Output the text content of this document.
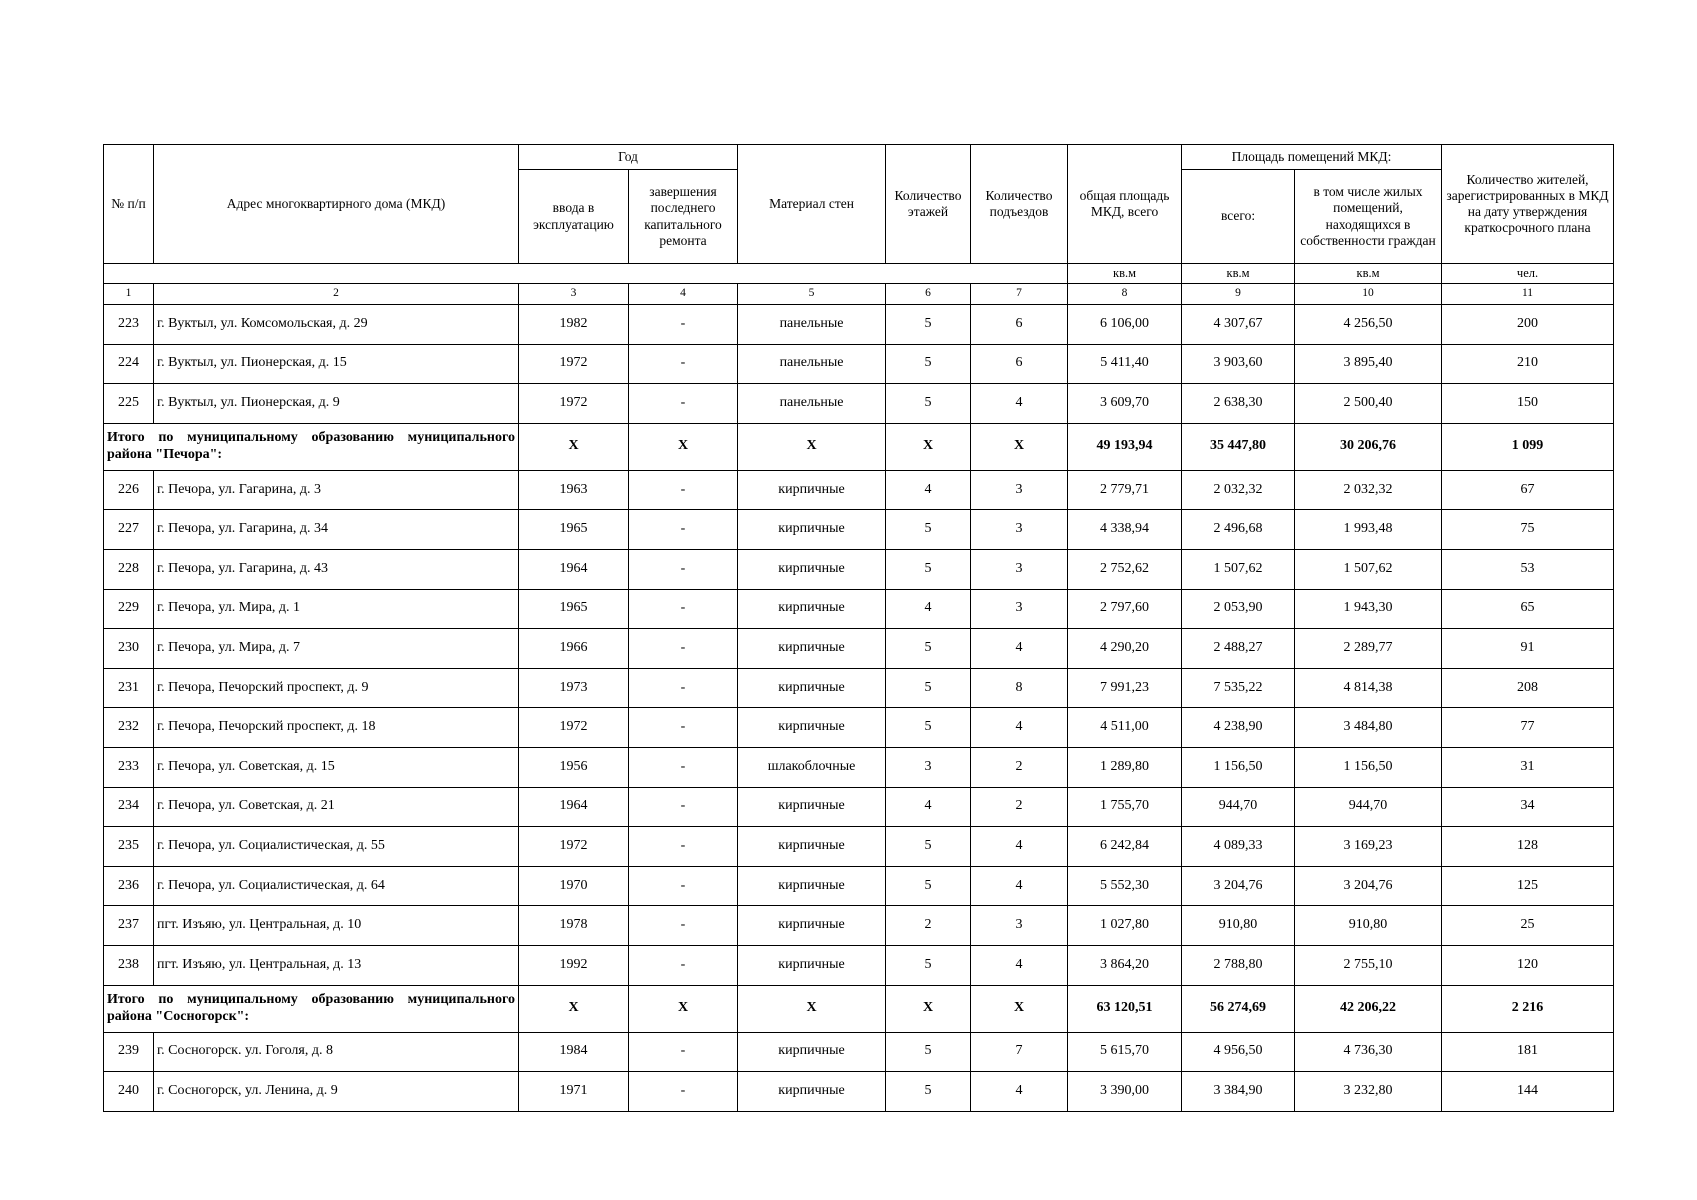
№ п/п	Адрес многоквартирного дома (МКД)	Год		Материал стен	Количество этажей	Количество подъездов	общая площадь МКД, всего	Площадь помещений МКД:		Количество жителей, зарегистрированных в МКД на дату утверждения краткосрочного плана
		ввода в эксплуатацию	завершения последнего капитального ремонта					всего:	в том числе жилых помещений, находящихся в собственности граждан	
							кв.м	кв.м	кв.м	чел.
1	2	3	4	5	6	7	8	9	10	11
223	г. Вуктыл, ул. Комсомольская, д. 29	1982	-	панельные	5	6	6 106,00	4 307,67	4 256,50	200
224	г. Вуктыл, ул. Пионерская, д. 15	1972	-	панельные	5	6	5 411,40	3 903,60	3 895,40	210
225	г. Вуктыл, ул. Пионерская, д. 9	1972	-	панельные	5	4	3 609,70	2 638,30	2 500,40	150
Итого по муниципальному образованию муниципального района "Печора":		X	X	X	X	X	49 193,94	35 447,80	30 206,76	1 099
226	г. Печора, ул. Гагарина, д. 3	1963	-	кирпичные	4	3	2 779,71	2 032,32	2 032,32	67
227	г. Печора, ул. Гагарина, д. 34	1965	-	кирпичные	5	3	4 338,94	2 496,68	1 993,48	75
228	г. Печора, ул. Гагарина, д. 43	1964	-	кирпичные	5	3	2 752,62	1 507,62	1 507,62	53
229	г. Печора, ул. Мира, д. 1	1965	-	кирпичные	4	3	2 797,60	2 053,90	1 943,30	65
230	г. Печора, ул. Мира, д. 7	1966	-	кирпичные	5	4	4 290,20	2 488,27	2 289,77	91
231	г. Печора, Печорский проспект, д. 9	1973	-	кирпичные	5	8	7 991,23	7 535,22	4 814,38	208
232	г. Печора, Печорский проспект, д. 18	1972	-	кирпичные	5	4	4 511,00	4 238,90	3 484,80	77
233	г. Печора, ул. Советская, д. 15	1956	-	шлакоблочные	3	2	1 289,80	1 156,50	1 156,50	31
234	г. Печора, ул. Советская, д. 21	1964	-	кирпичные	4	2	1 755,70	944,70	944,70	34
235	г. Печора, ул. Социалистическая, д. 55	1972	-	кирпичные	5	4	6 242,84	4 089,33	3 169,23	128
236	г. Печора, ул. Социалистическая, д. 64	1970	-	кирпичные	5	4	5 552,30	3 204,76	3 204,76	125
237	пгт. Изъяю, ул. Центральная, д. 10	1978	-	кирпичные	2	3	1 027,80	910,80	910,80	25
238	пгт. Изъяю, ул. Центральная, д. 13	1992	-	кирпичные	5	4	3 864,20	2 788,80	2 755,10	120
Итого по муниципальному образованию муниципального района "Сосногорск":		X	X	X	X	X	63 120,51	56 274,69	42 206,22	2 216
239	г. Сосногорск. ул. Гоголя, д. 8	1984	-	кирпичные	5	7	5 615,70	4 956,50	4 736,30	181
240	г. Сосногорск, ул. Ленина, д. 9	1971	-	кирпичные	5	4	3 390,00	3 384,90	3 232,80	144
